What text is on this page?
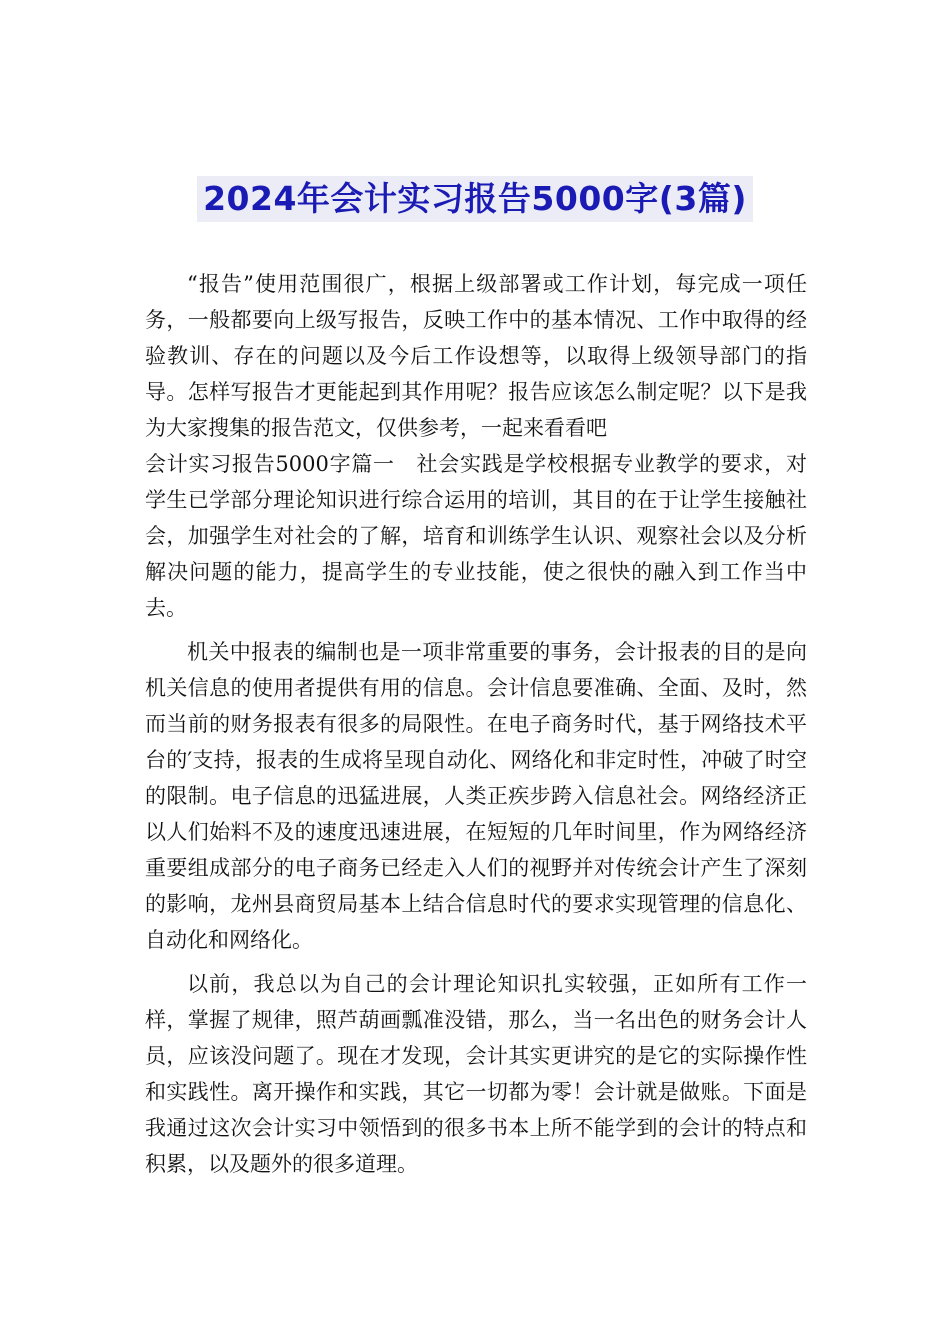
2024年会计实习报告5000字(3篇)

“报告”使用范围很广，根据上级部署或工作计划，每完成一项任务，一般都要向上级写报告，反映工作中的基本情况、工作中取得的经验教训、存在的问题以及今后工作设想等，以取得上级领导部门的指导。怎样写报告才更能起到其作用呢？报告应该怎么制定呢？以下是我为大家搜集的报告范文，仅供参考，一起来看看吧

会计实习报告5000字篇一　社会实践是学校根据专业教学的要求，对学生已学部分理论知识进行综合运用的培训，其目的在于让学生接触社会，加强学生对社会的了解，培育和训练学生认识、观察社会以及分析解决问题的能力，提高学生的专业技能，使之很快的融入到工作当中去。

机关中报表的编制也是一项非常重要的事务，会计报表的目的是向机关信息的使用者提供有用的信息。会计信息要准确、全面、及时，然而当前的财务报表有很多的局限性。在电子商务时代，基于网络技术平台的′支持，报表的生成将呈现自动化、网络化和非定时性，冲破了时空的限制。电子信息的迅猛进展，人类正疾步跨入信息社会。网络经济正以人们始料不及的速度迅速进展，在短短的几年时间里，作为网络经济重要组成部分的电子商务已经走入人们的视野并对传统会计产生了深刻的影响，龙州县商贸局基本上结合信息时代的要求实现管理的信息化、自动化和网络化。

以前，我总以为自己的会计理论知识扎实较强，正如所有工作一样，掌握了规律，照芦葫画瓢准没错，那么，当一名出色的财务会计人员，应该没问题了。现在才发现，会计其实更讲究的是它的实际操作性和实践性。离开操作和实践，其它一切都为零！会计就是做账。下面是我通过这次会计实习中领悟到的很多书本上所不能学到的会计的特点和积累，以及题外的很多道理。
